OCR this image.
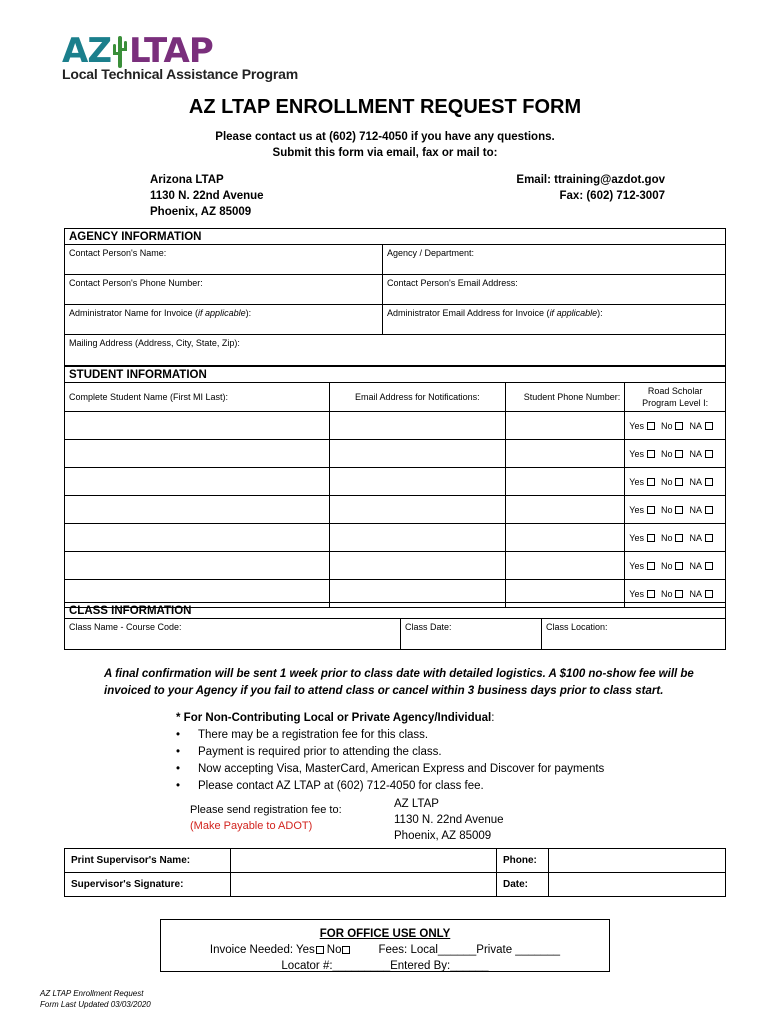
AZ LTAP
Local Technical Assistance Program
AZ LTAP ENROLLMENT REQUEST FORM
Please contact us at (602) 712-4050 if you have any questions.
Submit this form via email, fax or mail to:
Arizona LTAP
1130 N. 22nd Avenue
Phoenix, AZ 85009
Email: ttraining@azdot.gov
Fax: (602) 712-3007
AGENCY INFORMATION
Contact Person's Name:	Agency / Department:
Contact Person's Phone Number:	Contact Person's Email Address:
Administrator Name for Invoice (if applicable):	Administrator Email Address for Invoice (if applicable):
Mailing Address (Address, City, State, Zip):	
STUDENT INFORMATION
Complete Student Name (First MI Last):	Email Address for Notifications:	Student Phone Number:	Road Scholar
Program Level I:

			Yes No NA
			Yes No NA
			Yes No NA
			Yes No NA
			Yes No NA
			Yes No NA
			Yes No NA
CLASS INFORMATION
Class Name - Course Code:	Class Date:	Class Location:
A final confirmation will be sent 1 week prior to class date with detailed logistics. A $100 no-show fee will be invoiced to your Agency if you fail to attend class or cancel within 3 business days prior to class start.
* For Non-Contributing Local or Private Agency/Individual:
• There may be a registration fee for this class.
• Payment is required prior to attending the class.
• Now accepting Visa, MasterCard, American Express and Discover for payments
• Please contact AZ LTAP at (602) 712-4050 for class fee.
Please send registration fee to:
(Make Payable to ADOT)
AZ LTAP
1130 N. 22nd Avenue
Phoenix, AZ 85009
Print Supervisor's Name:		Phone:	
Supervisor's Signature:		Date:	
FOR OFFICE USE ONLY
Invoice Needed: Yes No	Fees: Local______Private _______
Locator #:_________Entered By:______
AZ LTAP Enrollment Request
Form Last Updated 03/03/2020
